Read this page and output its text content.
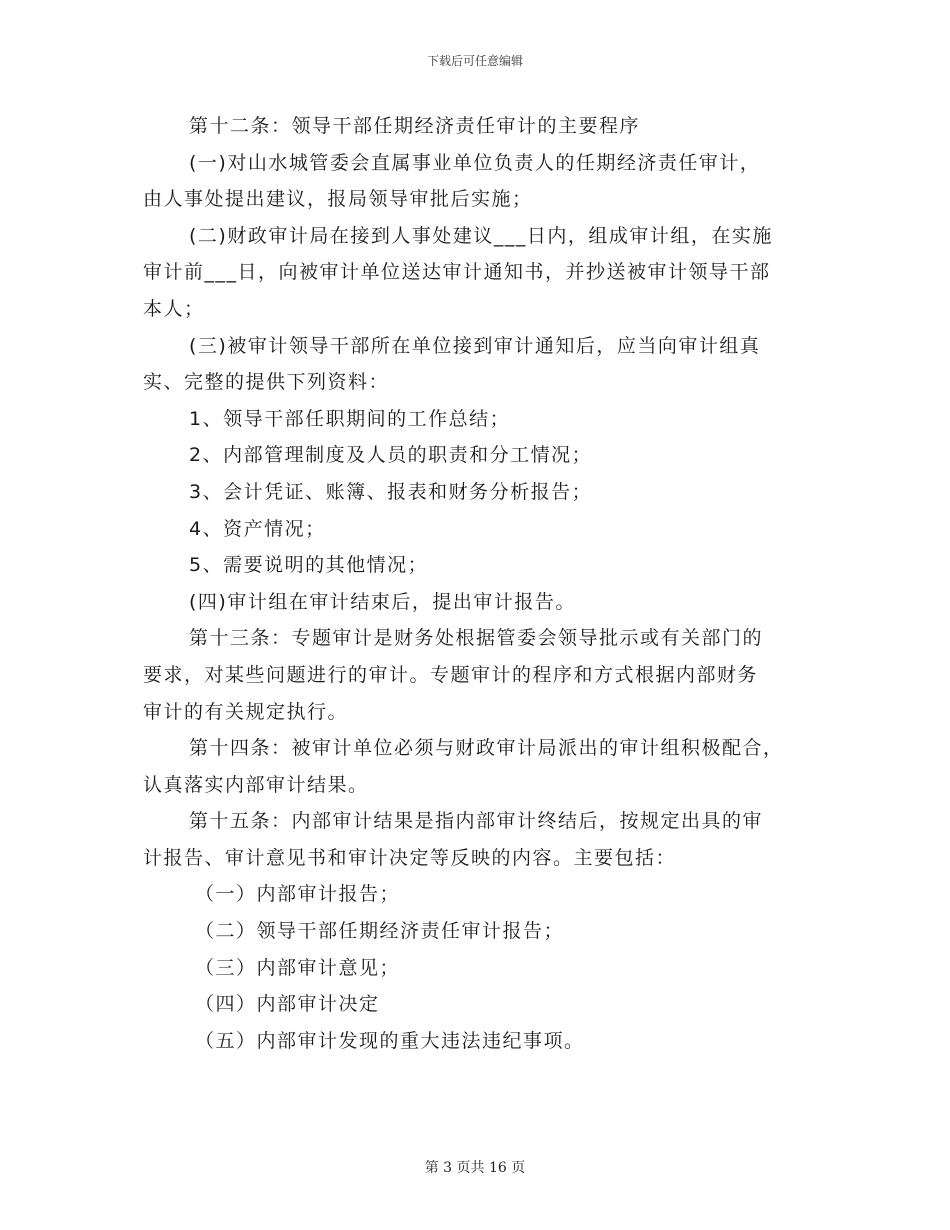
下载后可任意编辑
第十二条：领导干部任期经济责任审计的主要程序
(一)对山水城管委会直属事业单位负责人的任期经济责任审计，
由人事处提出建议，报局领导审批后实施；
(二)财政审计局在接到人事处建议___日内，组成审计组，在实施
审计前___日，向被审计单位送达审计通知书，并抄送被审计领导干部
本人；
(三)被审计领导干部所在单位接到审计通知后，应当向审计组真
实、完整的提供下列资料：
1、领导干部任职期间的工作总结；
2、内部管理制度及人员的职责和分工情况；
3、会计凭证、账簿、报表和财务分析报告；
4、资产情况；
5、需要说明的其他情况；
(四)审计组在审计结束后，提出审计报告。
第十三条：专题审计是财务处根据管委会领导批示或有关部门的
要求，对某些问题进行的审计。专题审计的程序和方式根据内部财务
审计的有关规定执行。
第十四条：被审计单位必须与财政审计局派出的审计组积极配合，
认真落实内部审计结果。
第十五条：内部审计结果是指内部审计终结后，按规定出具的审
计报告、审计意见书和审计决定等反映的内容。主要包括：
（一）内部审计报告；
（二）领导干部任期经济责任审计报告；
（三）内部审计意见；
（四）内部审计决定
（五）内部审计发现的重大违法违纪事项。
第 3 页共 16 页
